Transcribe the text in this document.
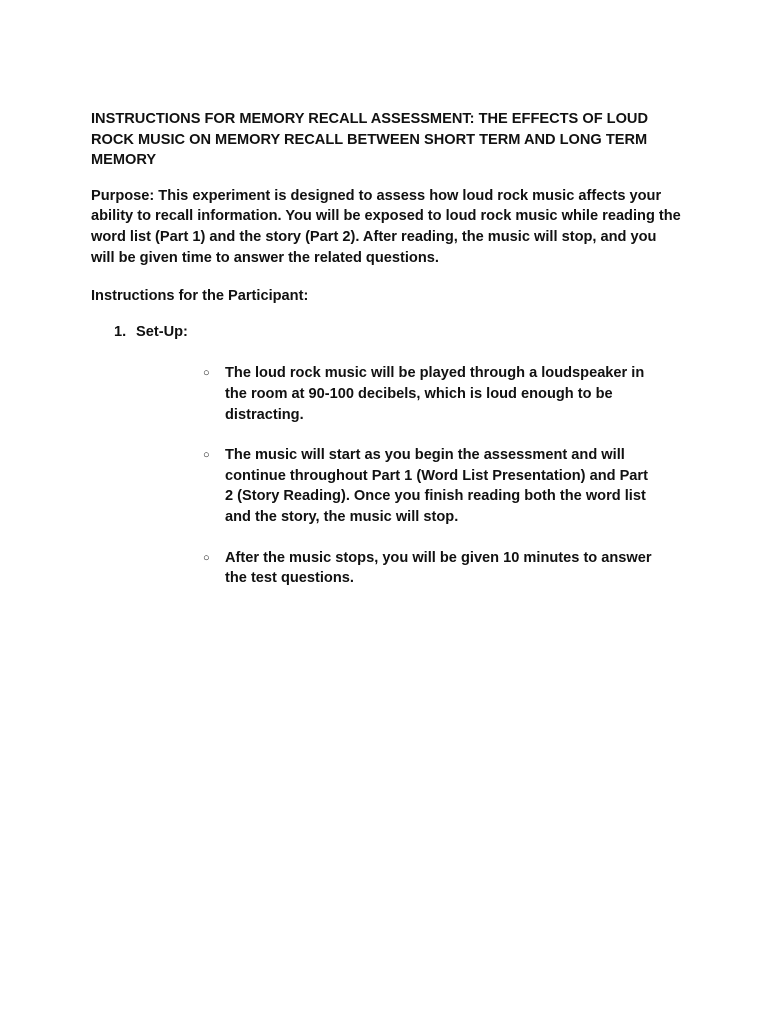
INSTRUCTIONS FOR MEMORY RECALL ASSESSMENT: THE EFFECTS OF LOUD ROCK MUSIC ON MEMORY RECALL BETWEEN SHORT TERM AND LONG TERM MEMORY

Purpose: This experiment is designed to assess how loud rock music affects your ability to recall information. You will be exposed to loud rock music while reading the word list (Part 1) and the story (Part 2). After reading, the music will stop, and you will be given time to answer the related questions.

Instructions for the Participant:

1. Set-Up:
○ The loud rock music will be played through a loudspeaker in the room at 90-100 decibels, which is loud enough to be distracting.
○ The music will start as you begin the assessment and will continue throughout Part 1 (Word List Presentation) and Part 2 (Story Reading). Once you finish reading both the word list and the story, the music will stop.
○ After the music stops, you will be given 10 minutes to answer the test questions.
